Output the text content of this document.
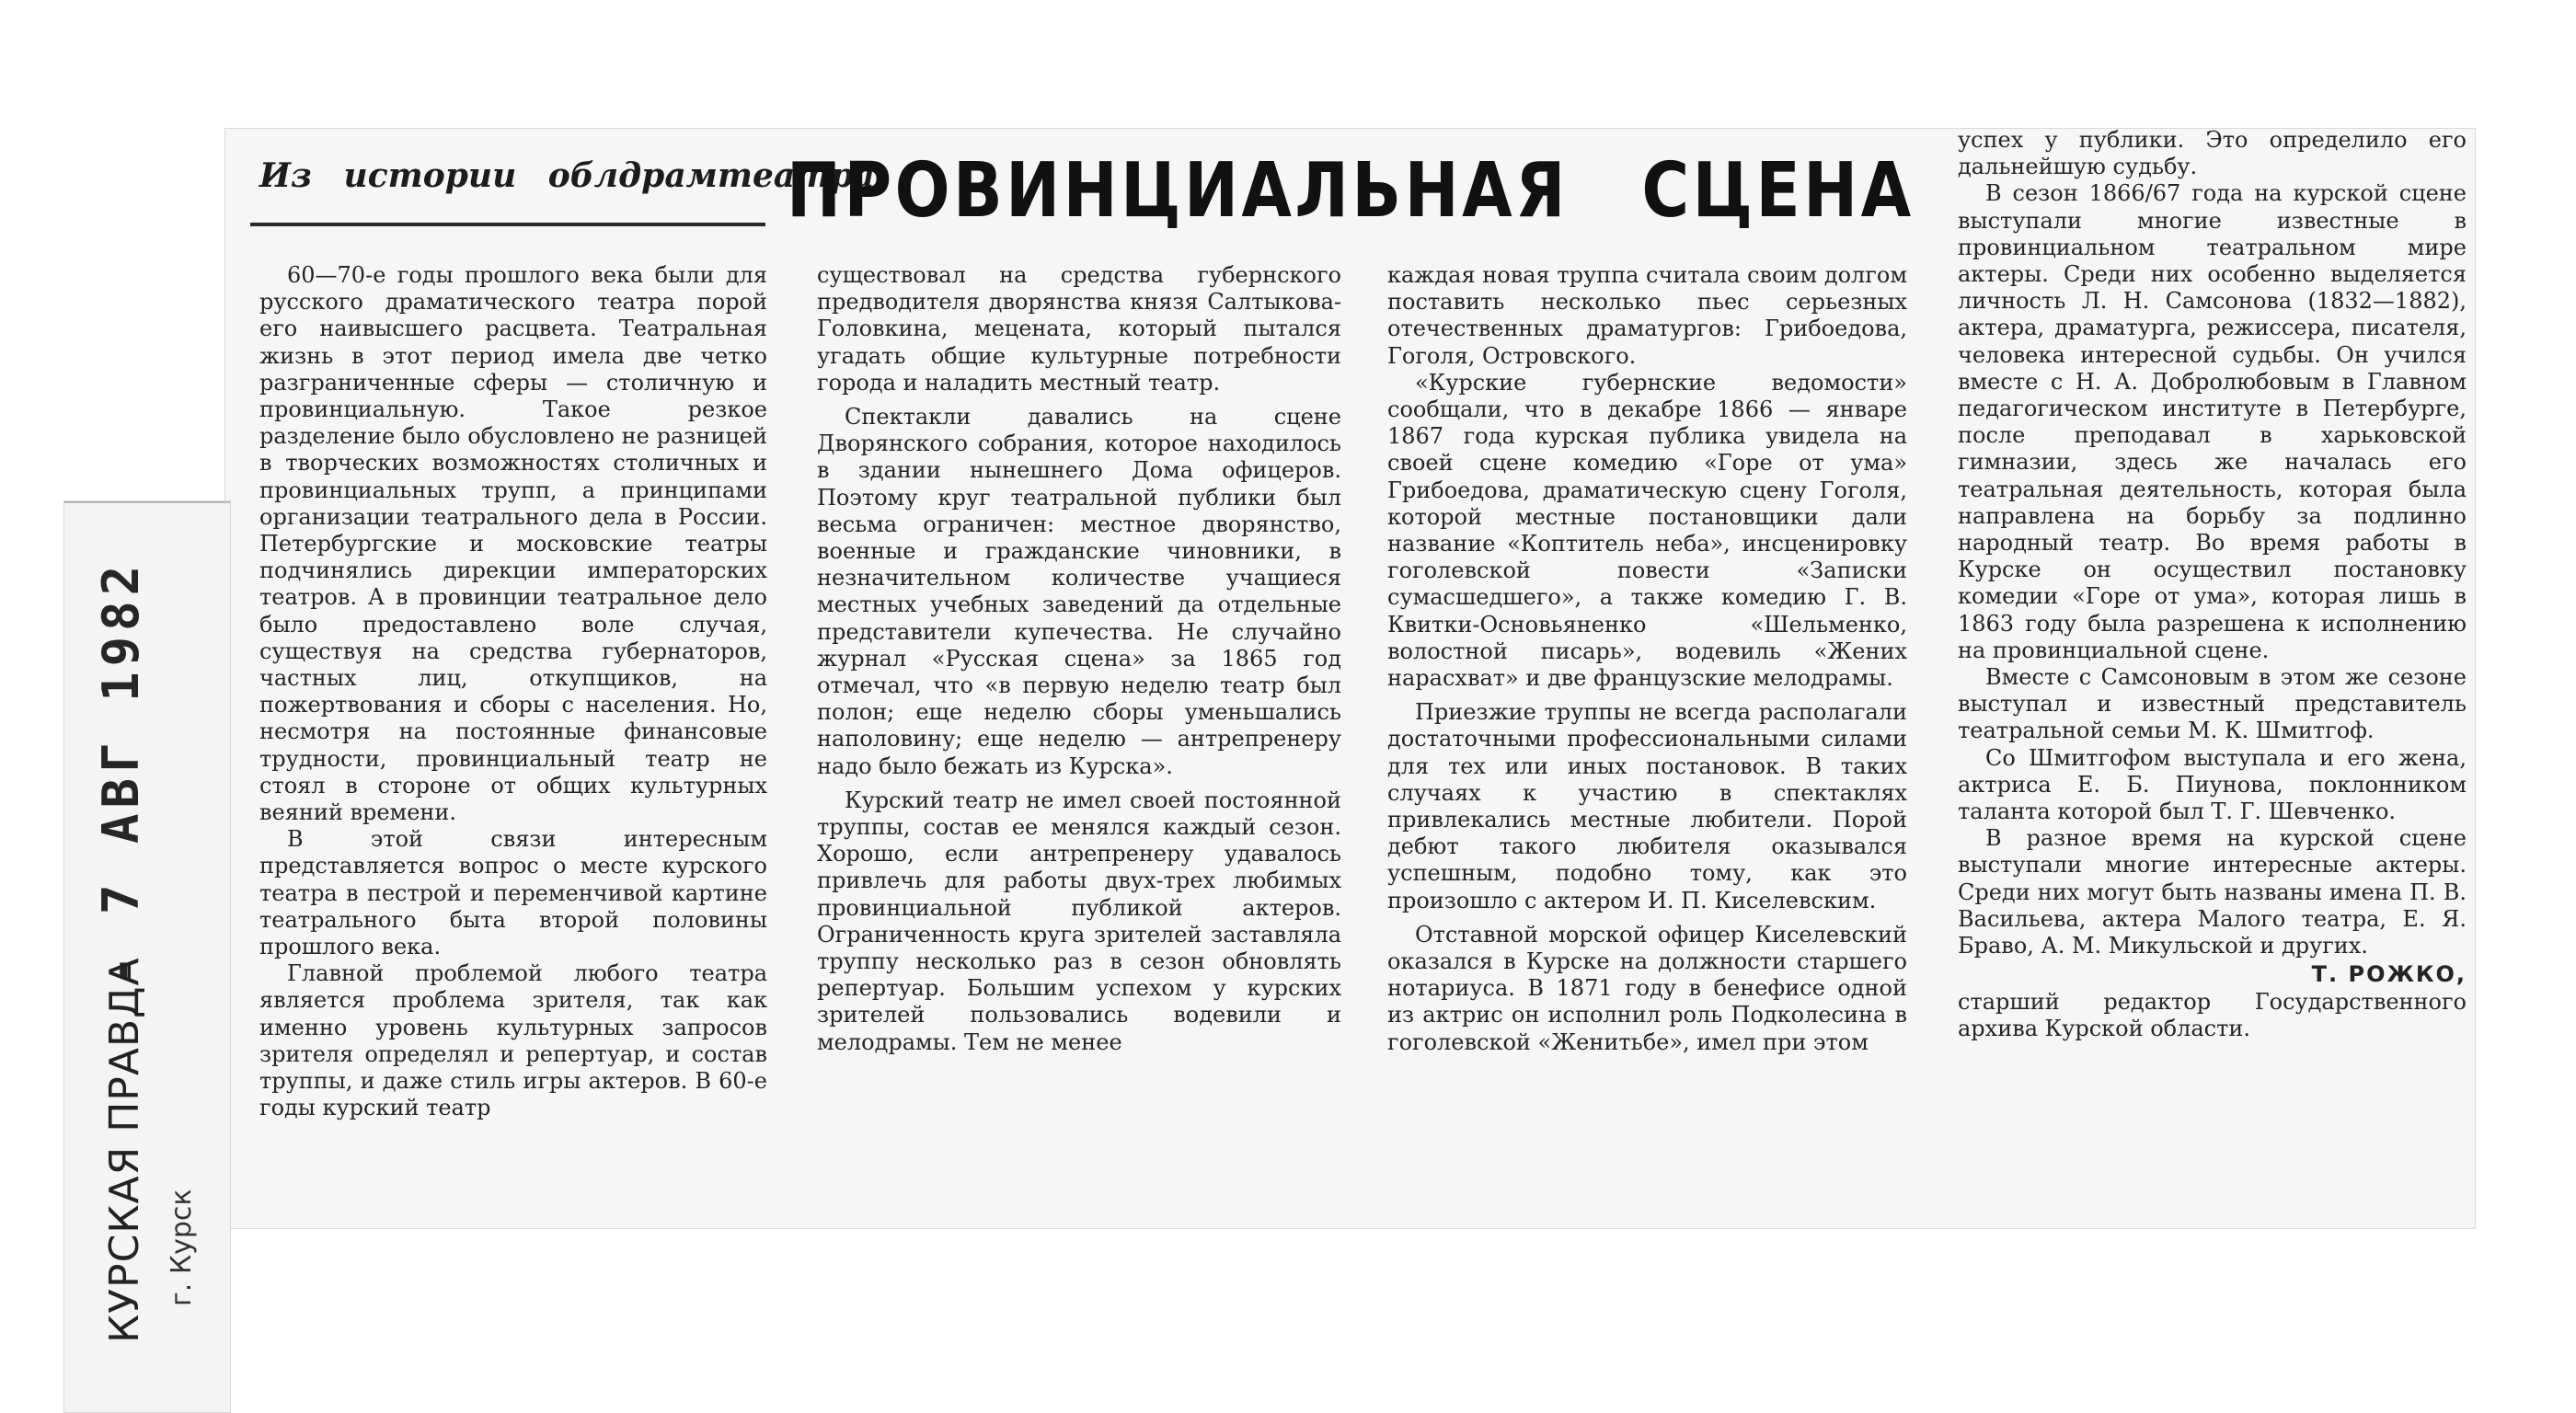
- 7 АВГ 1982
КУРСКАЯ ПРАВДА г. Курск
Из истории облдрамтеатра
ПРОВИНЦИАЛЬНАЯ СЦЕНА

60—70-е годы прошлого века были для русского драматического театра порой его наивысшего расцвета. Театральная жизнь в этот период имела две четко разграниченные сферы — столичную и провинциальную. Такое резкое разделение было обусловлено не разницей в творческих возможностях столичных и провинциальных трупп, а принципами организации театрального дела в России. Петербургские и московские театры подчинялись дирекции императорских театров. А в провинции театральное дело было предоставлено воле случая, существуя на средства губернаторов, частных лиц, откупщиков, на пожертвования и сборы с населения. Но, несмотря на постоянные финансовые трудности, провинциальный театр не стоял в стороне от общих культурных веяний времени.

В этой связи интересным представляется вопрос о месте курского театра в пестрой и переменчивой картине театрального быта второй половины прошлого века.

Главной проблемой любого театра является проблема зрителя, так как именно уровень культурных запросов зрителя определял и репертуар, и состав труппы, и даже стиль игры актеров. В 60-е годы курский театр

существовал на средства губернского предводителя дворянства князя Салтыкова-Головкина, мецената, который пытался угадать общие культурные потребности города и наладить местный театр.

Спектакли давались на сцене Дворянского собрания, которое находилось в здании нынешнего Дома офицеров. Поэтому круг театральной публики был весьма ограничен: местное дворянство, военные и гражданские чиновники, в незначительном количестве учащиеся местных учебных заведений да отдельные представители купечества. Не случайно журнал «Русская сцена» за 1865 год отмечал, что «в первую неделю театр был полон; еще неделю сборы уменьшались наполовину; еще неделю — антрепренеру надо было бежать из Курска».

Курский театр не имел своей постоянной труппы, состав ее менялся каждый сезон. Хорошо, если антрепренеру удавалось привлечь для работы двух-трех любимых провинциальной публикой актеров. Ограниченность круга зрителей заставляла труппу несколько раз в сезон обновлять репертуар. Большим успехом у курских зрителей пользовались водевили и мелодрамы. Тем не менее

каждая новая труппа считала своим долгом поставить несколько пьес серьезных отечественных драматургов: Грибоедова, Гоголя, Островского.

«Курские губернские ведомости» сообщали, что в декабре 1866 — январе 1867 года курская публика увидела на своей сцене комедию «Горе от ума» Грибоедова, драматическую сцену Гоголя, которой местные постановщики дали название «Коптитель неба», инсценировку гоголевской повести «Записки сумасшедшего», а также комедию Г. В. Квитки-Основьяненко «Шельменко, волостной писарь», водевиль «Жених нарасхват» и две французские мелодрамы.

Приезжие труппы не всегда располагали достаточными профессиональными силами для тех или иных постановок. В таких случаях к участию в спектаклях привлекались местные любители. Порой дебют такого любителя оказывался успешным, подобно тому, как это произошло с актером И. П. Киселевским.

Отставной морской офицер Киселевский оказался в Курске на должности старшего нотариуса. В 1871 году в бенефисе одной из актрис он исполнил роль Подколесина в гоголевской «Женитьбе», имел при этом

успех у публики. Это определило его дальнейшую судьбу.

В сезон 1866/67 года на курской сцене выступали многие известные в провинциальном театральном мире актеры. Среди них особенно выделяется личность Л. Н. Самсонова (1832—1882), актера, драматурга, режиссера, писателя, человека интересной судьбы. Он учился вместе с Н. А. Добролюбовым в Главном педагогическом институте в Петербурге, после преподавал в харьковской гимназии, здесь же началась его театральная деятельность, которая была направлена на борьбу за подлинно народный театр. Во время работы в Курске он осуществил постановку комедии «Горе от ума», которая лишь в 1863 году была разрешена к исполнению на провинциальной сцене.

Вместе с Самсоновым в этом же сезоне выступал и известный представитель театральной семьи М. К. Шмитгоф.

Со Шмитгофом выступала и его жена, актриса Е. Б. Пиунова, поклонником таланта которой был Т. Г. Шевченко.

В разное время на курской сцене выступали многие интересные актеры. Среди них могут быть названы имена П. В. Васильева, актера Малого театра, Е. Я. Браво, А. М. Микульской и других.

Т. РОЖКО,

старший редактор Государственного архива Курской области.
